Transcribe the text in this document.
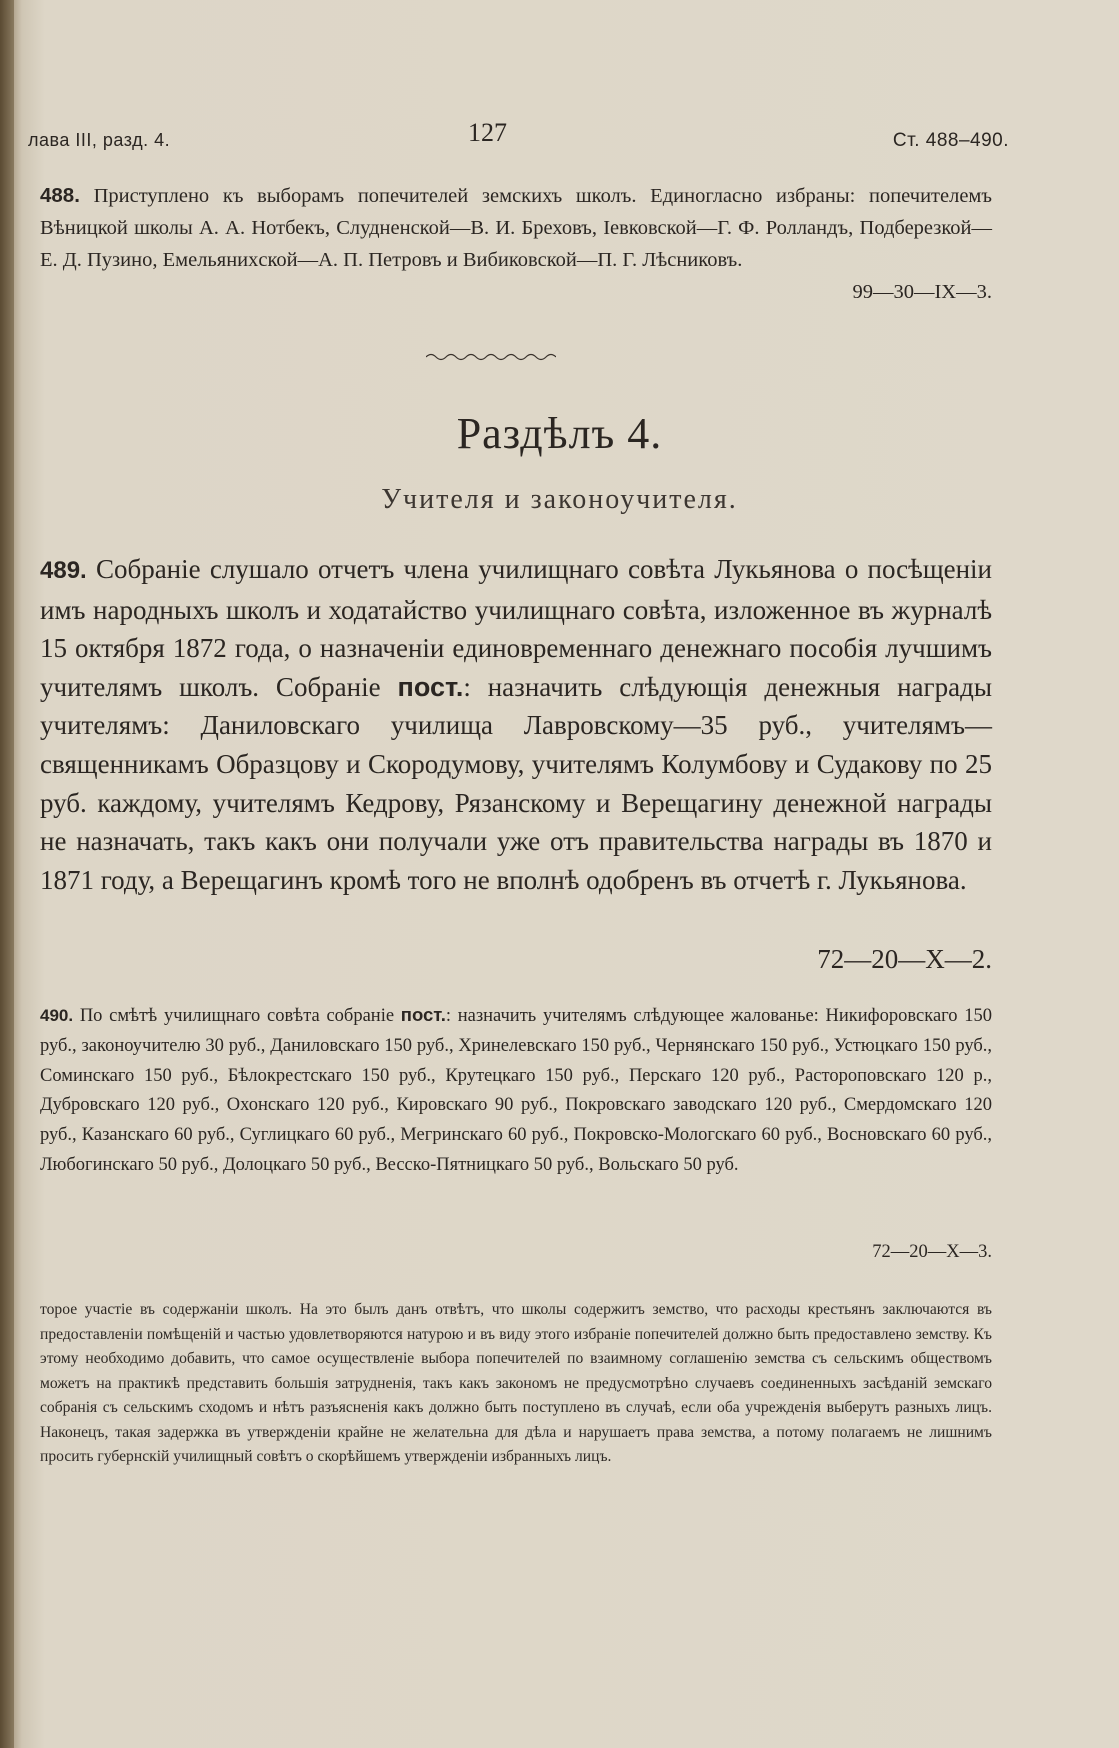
лава III, разд. 4.	127	Ст. 488–490.
488. Приступлено къ выборамъ попечителей земскихъ школъ. Единогласно избраны: попечителемъ Вѣницкой школы А. А. Нотбекъ, Слудненской—В. И. Бреховъ, Іевковской—Г. Ф. Ролландъ, Подберезкой—Е. Д. Пузино, Емельяниxской—А. П. Петровъ и Вибиковской—П. Г. Лѣсниковъ.
99—30—IX—3.
Раздѣлъ 4.
Учителя и законоучителя.
489. Собраніе слушало отчетъ члена училищнаго совѣта Лукьянова о посѣщеніи имъ народныхъ школъ и ходатайство училищнаго совѣта, изложенное въ журналѣ 15 октября 1872 года, о назначеніи единовременнаго денежнаго пособія лучшимъ учителямъ школъ. Собраніе пост.: назначить слѣдующія денежныя награды учителямъ: Даниловскаго училища Лавровскому—35 руб., учителямъ—священникамъ Образцову и Скородумову, учителямъ Колумбову и Судакову по 25 руб. каждому, учителямъ Кедрову, Рязанскому и Верещагину денежной награды не назначать, такъ какъ они получали уже отъ правительства награды въ 1870 и 1871 году, а Верещагинъ кромѣ того не вполнѣ одобренъ въ отчетѣ г. Лукьянова.
72—20—X—2.
490. По смѣтѣ училищнаго совѣта собраніе пост.: назначить учителямъ слѣдующее жалованье: Никифоровскаго 150 руб., законоучителю 30 руб., Даниловскаго 150 руб., Хринелевскаго 150 руб., Чернянскаго 150 руб., Устюцкаго 150 руб., Соминскаго 150 руб., Бѣлокрестскаго 150 руб., Крутецкаго 150 руб., Перскаго 120 руб., Растороповскаго 120 р., Дубровскаго 120 руб., Охонскаго 120 руб., Кировскаго 90 руб., Покровскаго заводскаго 120 руб., Смердомскаго 120 руб., Казанскаго 60 руб., Суглицкаго 60 руб., Мегринскаго 60 руб., Покровско-Мологскаго 60 руб., Восновскаго 60 руб., Любогинскаго 50 руб., Долоцкаго 50 руб., Весско-Пятницкаго 50 руб., Вольскаго 50 руб.
72—20—X—3.
торое участіе въ содержаніи школъ. На это былъ данъ отвѣтъ, что школы содержитъ земство, что расходы крестьянъ заключаются въ предоставленіи помѣщеній и частью удовлетворяются натурою и въ виду этого избраніе попечителей должно быть предоставлено земству. Къ этому необходимо добавить, что самое осуществленіе выбора попечителей по взаимному соглашенію земства съ сельскимъ обществомъ можетъ на практикѣ представить большія затрудненія, такъ какъ закономъ не предусмотрѣно случаевъ соединенныхъ засѣданій земскаго собранія съ сельскимъ сходомъ и нѣтъ разъясненія какъ должно быть поступлено въ случаѣ, если оба учрежденія выберутъ разныхъ лицъ. Наконецъ, такая задержка въ утвержденіи крайне не желательна для дѣла и нарушаетъ права земства, а потому полагаемъ не лишнимъ просить губернскій училищный совѣтъ о скорѣйшемъ утвержденіи избранныхъ лицъ.
